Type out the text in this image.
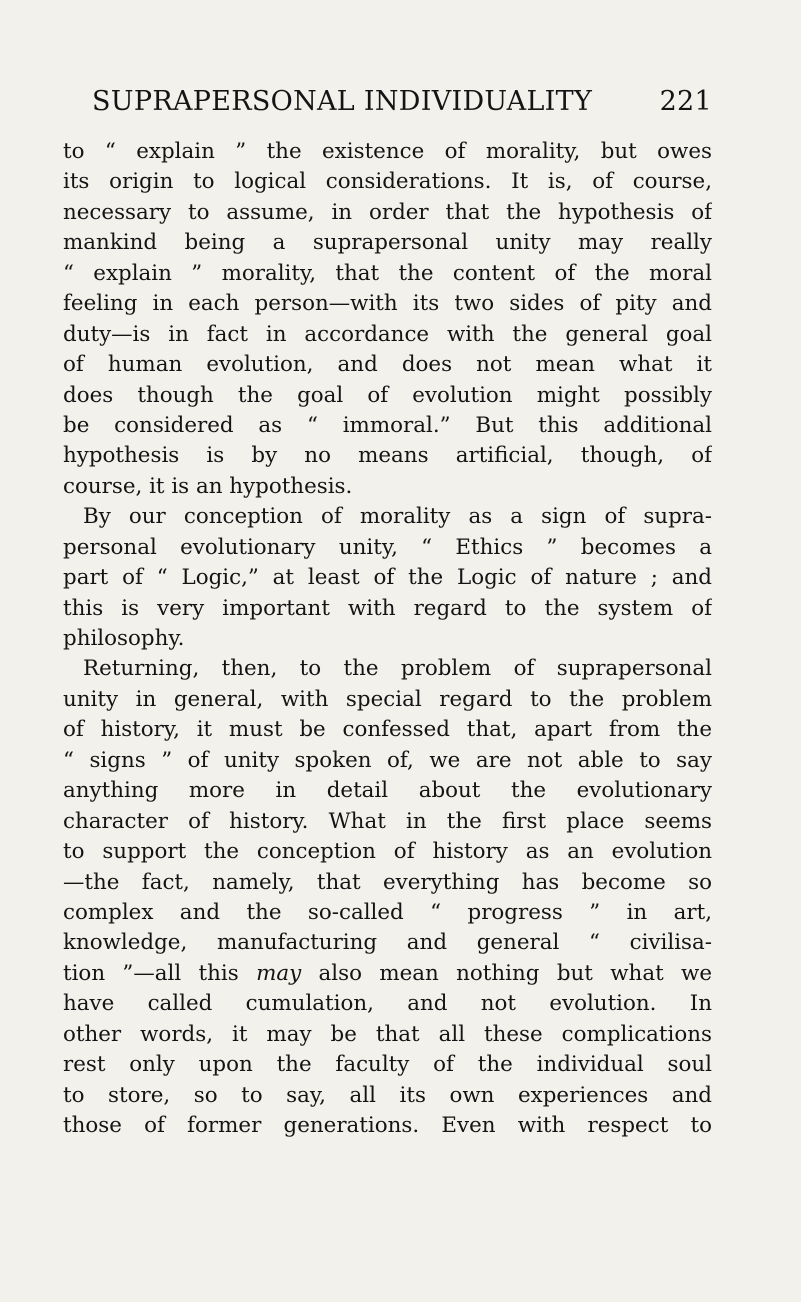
SUPRAPERSONAL INDIVIDUALITY 221
to “ explain ” the existence of morality, but owes
its origin to logical considerations. It is, of course,
necessary to assume, in order that the hypothesis of
mankind being a suprapersonal unity may really
“ explain ” morality, that the content of the moral
feeling in each person—with its two sides of pity and
duty—is in fact in accordance with the general goal
of human evolution, and does not mean what it
does though the goal of evolution might possibly
be considered as “ immoral.” But this additional
hypothesis is by no means artificial, though, of
course, it is an hypothesis.
By our conception of morality as a sign of supra-
personal evolutionary unity, “ Ethics ” becomes a
part of “ Logic,” at least of the Logic of nature ; and
this is very important with regard to the system of
philosophy.
Returning, then, to the problem of suprapersonal
unity in general, with special regard to the problem
of history, it must be confessed that, apart from the
“ signs ” of unity spoken of, we are not able to say
anything more in detail about the evolutionary
character of history. What in the first place seems
to support the conception of history as an evolution
—the fact, namely, that everything has become so
complex and the so-called “ progress ” in art,
knowledge, manufacturing and general “ civilisa-
tion ”—all this may also mean nothing but what we
have called cumulation, and not evolution. In
other words, it may be that all these complications
rest only upon the faculty of the individual soul
to store, so to say, all its own experiences and
those of former generations. Even with respect to
